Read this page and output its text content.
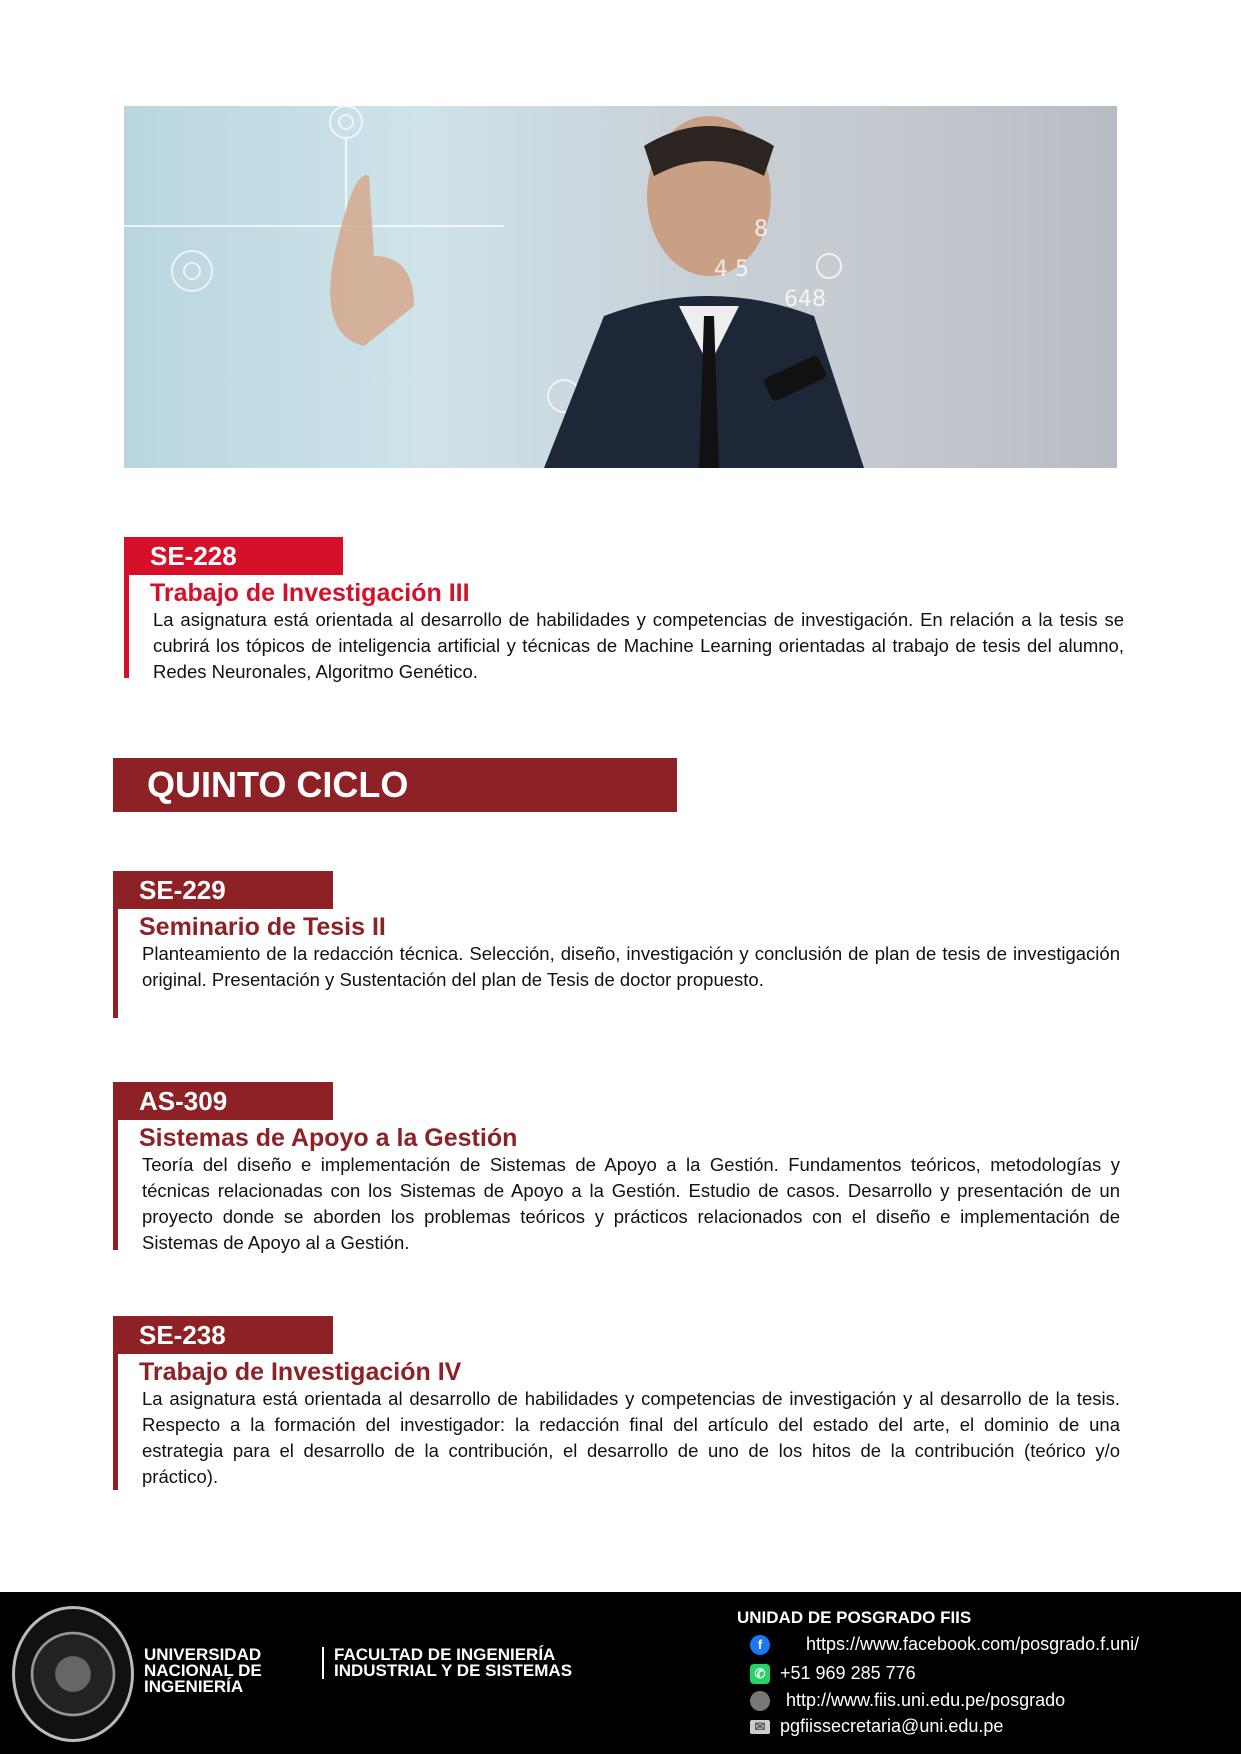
8
4 5
648
SE-228
Trabajo de Investigación III
La asignatura está orientada al desarrollo de habilidades y competencias de investigación. En relación a la tesis se cubrirá los tópicos de inteligencia artificial y técnicas de Machine Learning orientadas al trabajo de tesis del alumno, Redes Neuronales, Algoritmo Genético.
QUINTO CICLO
SE-229
Seminario de Tesis II
Planteamiento de la redacción técnica. Selección, diseño, investigación y conclusión de plan de tesis de investigación original. Presentación y Sustentación del plan de Tesis de doctor propuesto.
AS-309
Sistemas de Apoyo a la Gestión
Teoría del diseño e implementación de Sistemas de Apoyo a la Gestión. Fundamentos teóricos, metodologías y técnicas relacionadas con los Sistemas de Apoyo a la Gestión. Estudio de casos. Desarrollo y presentación de un proyecto donde se aborden los problemas teóricos y prácticos relacionados con el diseño e implementación de Sistemas de Apoyo al a Gestión.
SE-238
Trabajo de Investigación IV
La asignatura está orientada al desarrollo de habilidades y competencias de investigación y al desarrollo de la tesis. Respecto a la formación del investigador: la redacción final del artículo del estado del arte, el dominio de una estrategia para el desarrollo de la contribución, el desarrollo de uno de los hitos de la contribución (teórico y/o práctico).
UNIVERSIDAD NACIONAL DE INGENIERÍA
FACULTAD DE INGENIERÍA INDUSTRIAL Y DE SISTEMAS
UNIDAD DE POSGRADO FIIS
f	https://www.facebook.com/posgrado.f.uni/
✆ +51 969 285 776
http://www.fiis.uni.edu.pe/posgrado
✉ pgfiissecretaria@uni.edu.pe
